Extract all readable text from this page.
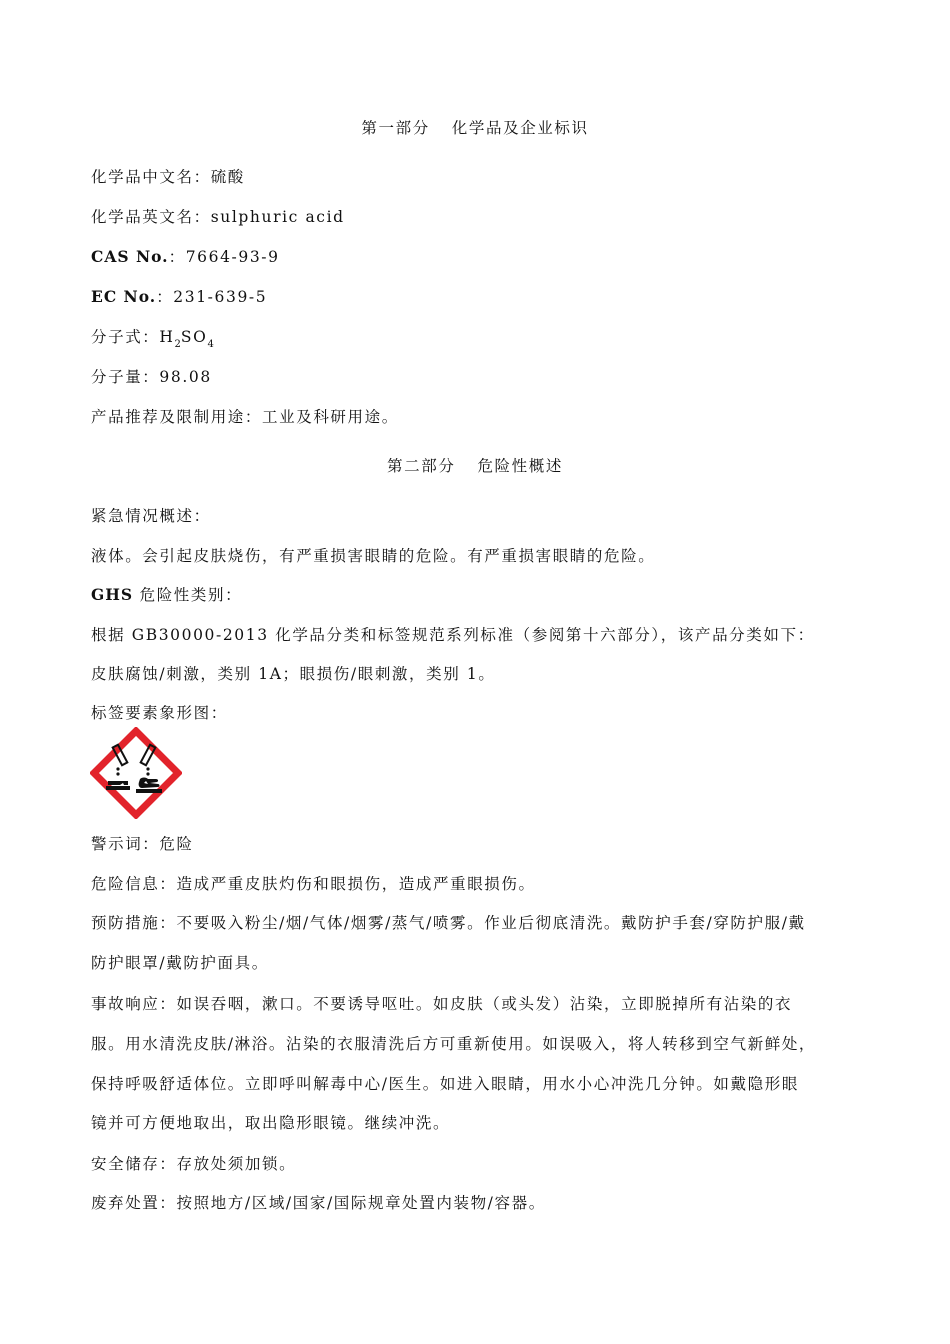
第一部分 化学品及企业标识
化学品中文名：硫酸
化学品英文名：sulphuric acid
CAS No.：7664-93-9
EC No.：231-639-5
分子式：$H_2SO_4$
分子量：98.08
产品推荐及限制用途：工业及科研用途。
第二部分 危险性概述
紧急情况概述：
液体。会引起皮肤烧伤，有严重损害眼睛的危险。有严重损害眼睛的危险。
GHS 危险性类别：
根据 GB30000-2013 化学品分类和标签规范系列标准（参阅第十六部分），该产品分类如下：
皮肤腐蚀/刺激，类别 1A；眼损伤/眼刺激，类别 1。
标签要素象形图：
警示词：危险
危险信息：造成严重皮肤灼伤和眼损伤，造成严重眼损伤。
预防措施：不要吸入粉尘/烟/气体/烟雾/蒸气/喷雾。作业后彻底清洗。戴防护手套/穿防护服/戴
防护眼罩/戴防护面具。
事故响应：如误吞咽，漱口。不要诱导呕吐。如皮肤（或头发）沾染，立即脱掉所有沾染的衣
服。用水清洗皮肤/淋浴。沾染的衣服清洗后方可重新使用。如误吸入，将人转移到空气新鲜处，
保持呼吸舒适体位。立即呼叫解毒中心/医生。如进入眼睛，用水小心冲洗几分钟。如戴隐形眼
镜并可方便地取出，取出隐形眼镜。继续冲洗。
安全储存：存放处须加锁。
废弃处置：按照地方/区域/国家/国际规章处置内装物/容器。
